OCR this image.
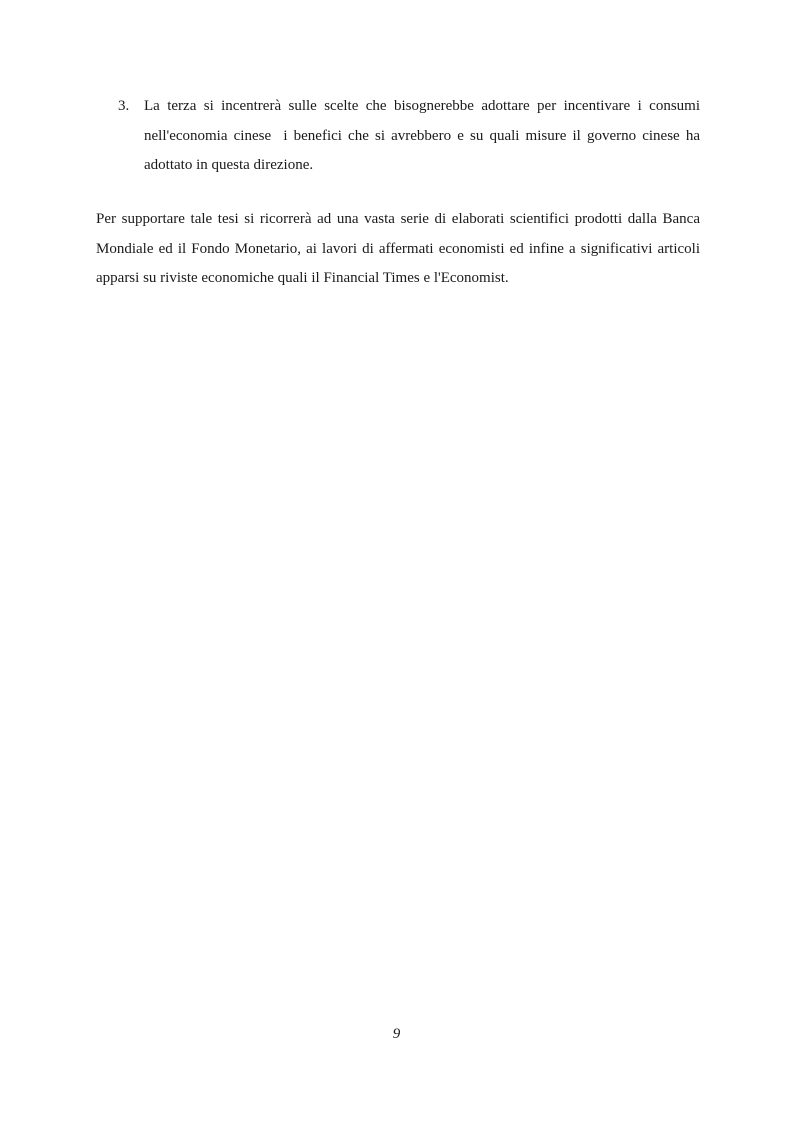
3. La terza si incentrerà sulle scelte che bisognerebbe adottare per incentivare i consumi nell'economia cinese  i benefici che si avrebbero e su quali misure il governo cinese ha adottato in questa direzione.

Per supportare tale tesi si ricorrerà ad una vasta serie di elaborati scientifici prodotti dalla Banca Mondiale ed il Fondo Monetario, ai lavori di affermati economisti ed infine a significativi articoli apparsi su riviste economiche quali il Financial Times e l'Economist.

9
